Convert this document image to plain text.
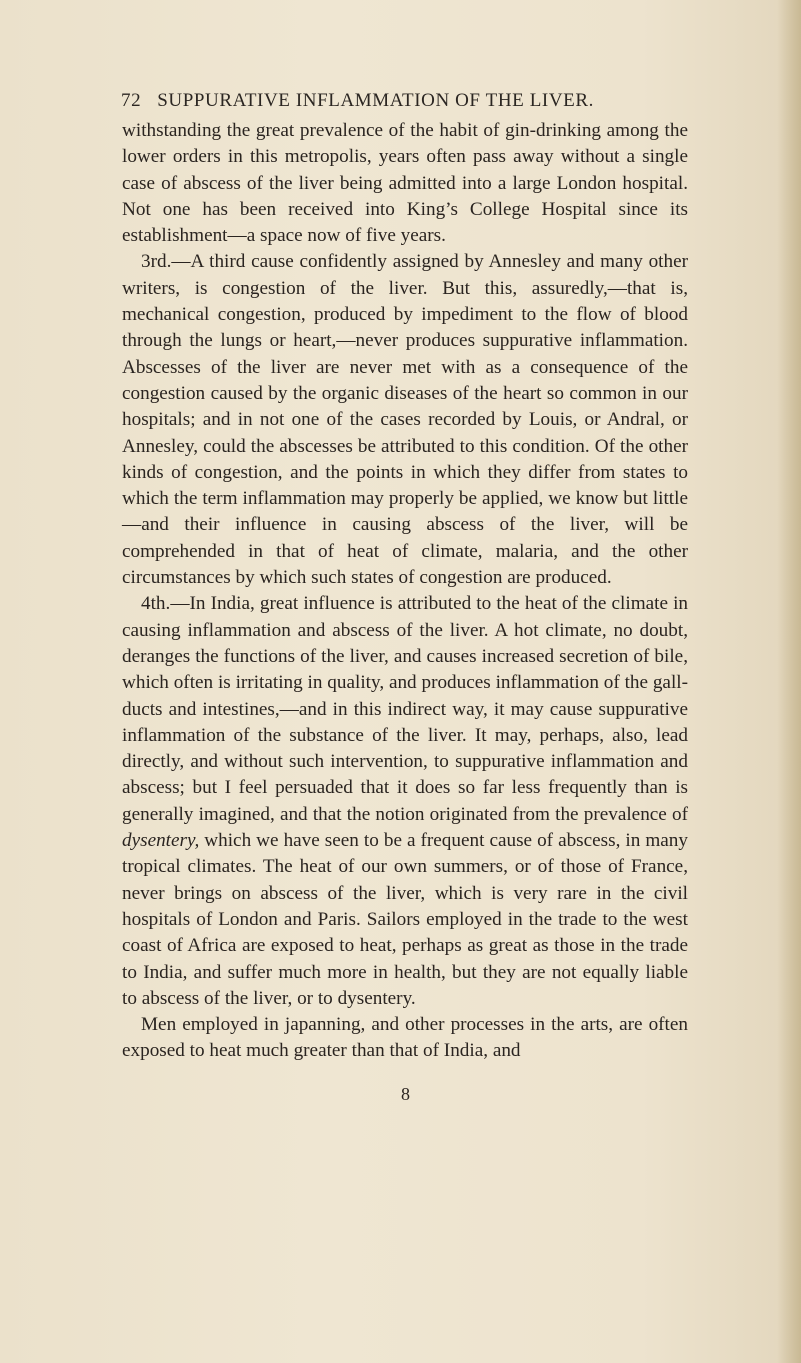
72 SUPPURATIVE INFLAMMATION OF THE LIVER.

withstanding the great prevalence of the habit of gin-drinking among the lower orders in this metropolis, years often pass away without a single case of abscess of the liver being admitted into a large London hospital. Not one has been received into King’s College Hospital since its establishment—a space now of five years.

3rd.—A third cause confidently assigned by Annesley and many other writers, is congestion of the liver. But this, assuredly,—that is, mechanical congestion, produced by impediment to the flow of blood through the lungs or heart,—never produces suppurative inflammation. Abscesses of the liver are never met with as a consequence of the congestion caused by the organic diseases of the heart so common in our hospitals; and in not one of the cases recorded by Louis, or Andral, or Annesley, could the abscesses be attributed to this condition. Of the other kinds of congestion, and the points in which they differ from states to which the term inflammation may properly be applied, we know but little—and their influence in causing abscess of the liver, will be comprehended in that of heat of climate, malaria, and the other circumstances by which such states of congestion are produced.

4th.—In India, great influence is attributed to the heat of the climate in causing inflammation and abscess of the liver. A hot climate, no doubt, deranges the functions of the liver, and causes increased secretion of bile, which often is irritating in quality, and produces inflammation of the gall-ducts and intestines,—and in this indirect way, it may cause suppurative inflammation of the substance of the liver. It may, perhaps, also, lead directly, and without such intervention, to suppurative inflammation and abscess; but I feel persuaded that it does so far less frequently than is generally imagined, and that the notion originated from the prevalence of dysentery, which we have seen to be a frequent cause of abscess, in many tropical climates. The heat of our own summers, or of those of France, never brings on abscess of the liver, which is very rare in the civil hospitals of London and Paris. Sailors employed in the trade to the west coast of Africa are exposed to heat, perhaps as great as those in the trade to India, and suffer much more in health, but they are not equally liable to abscess of the liver, or to dysentery.

Men employed in japanning, and other processes in the arts, are often exposed to heat much greater than that of India, and

8
